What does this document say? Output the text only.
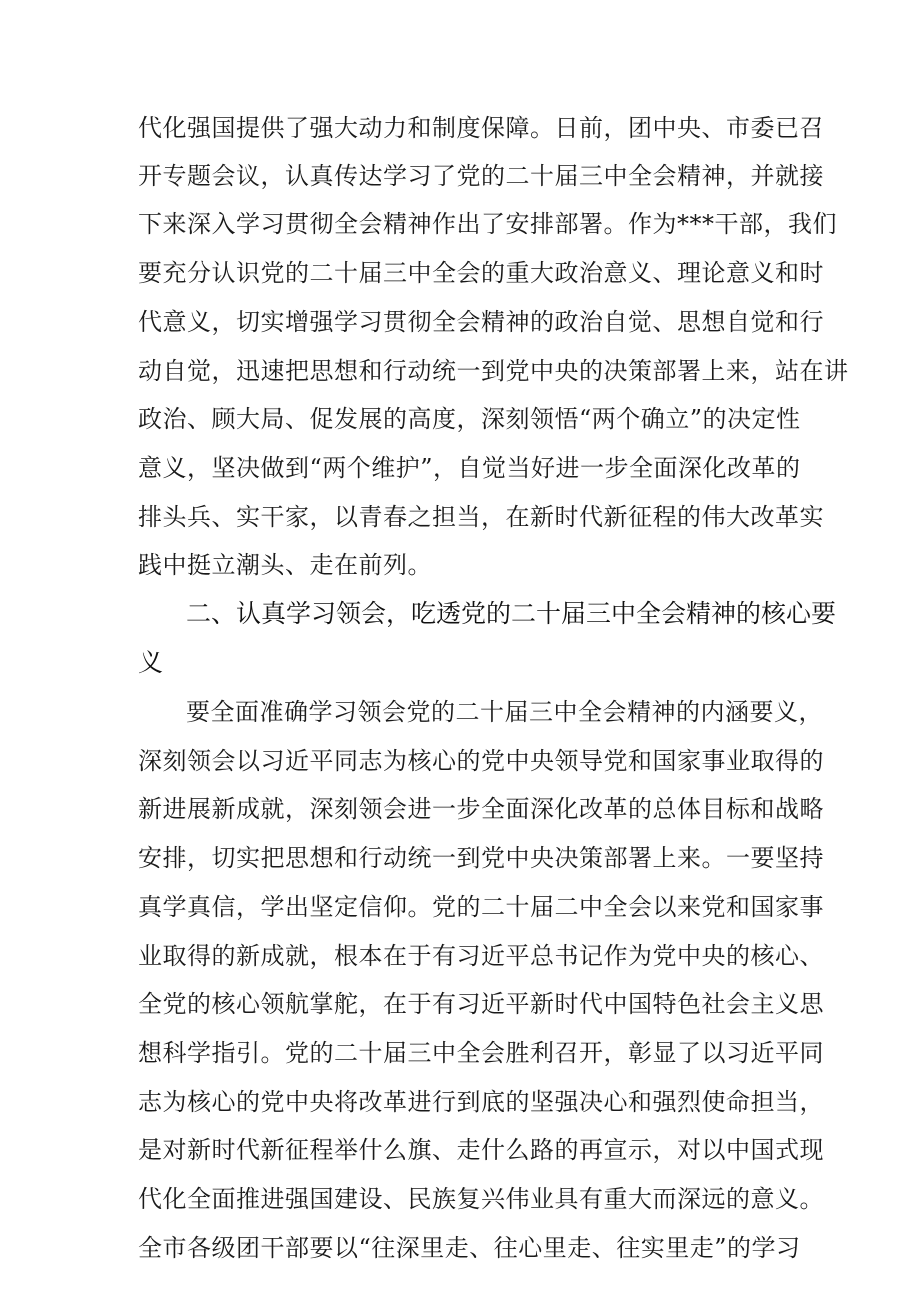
代化强国提供了强大动力和制度保障。日前，团中央、市委已召
开专题会议，认真传达学习了党的二十届三中全会精神，并就接
下来深入学习贯彻全会精神作出了安排部署。作为***干部，我们
要充分认识党的二十届三中全会的重大政治意义、理论意义和时
代意义，切实增强学习贯彻全会精神的政治自觉、思想自觉和行
动自觉，迅速把思想和行动统一到党中央的决策部署上来，站在讲
政治、顾大局、促发展的高度，深刻领悟“两个确立”的决定性
意义，坚决做到“两个维护”，自觉当好进一步全面深化改革的
排头兵、实干家，以青春之担当，在新时代新征程的伟大改革实
践中挺立潮头、走在前列。
二、认真学习领会，吃透党的二十届三中全会精神的核心要
义
要全面准确学习领会党的二十届三中全会精神的内涵要义，
深刻领会以习近平同志为核心的党中央领导党和国家事业取得的
新进展新成就，深刻领会进一步全面深化改革的总体目标和战略
安排，切实把思想和行动统一到党中央决策部署上来。一要坚持
真学真信，学出坚定信仰。党的二十届二中全会以来党和国家事
业取得的新成就，根本在于有习近平总书记作为党中央的核心、
全党的核心领航掌舵，在于有习近平新时代中国特色社会主义思
想科学指引。党的二十届三中全会胜利召开，彰显了以习近平同
志为核心的党中央将改革进行到底的坚强决心和强烈使命担当，
是对新时代新征程举什么旗、走什么路的再宣示，对以中国式现
代化全面推进强国建设、民族复兴伟业具有重大而深远的意义。
全市各级团干部要以“往深里走、往心里走、往实里走”的学习
